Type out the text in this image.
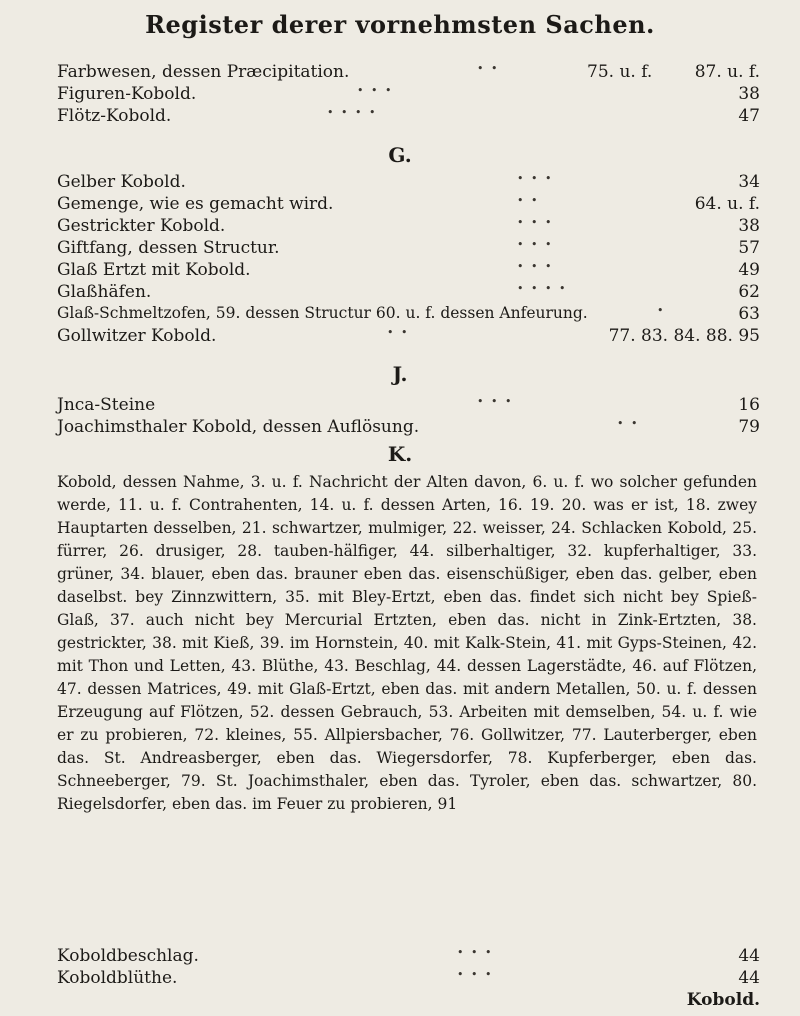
Register derer vornehmsten Sachen.
Farbwesen, dessen Præcipitation.	• •	75. u. f. 87. u. f.
Figuren-Kobold.	• • •	38
Flötz-Kobold.	• • • •	47
G.
Gelber Kobold.	• • •	34
Gemenge, wie es gemacht wird.	• •	64. u. f.
Gestrickter Kobold.	• • •	38
Giftfang, dessen Structur.	• • •	57
Glaß Ertzt mit Kobold.	• • •	49
Glaßhäfen.	• • • •	62
Glaß-Schmeltzofen, 59. dessen Structur 60. u. f. dessen Anfeurung.	•	63
Gollwitzer Kobold.	• •	77. 83. 84. 88. 95
J.
Jnca-Steine	• • •	16
Joachimsthaler Kobold, dessen Auflösung.	• •	79
K.
Kobold, dessen Nahme, 3. u. f. Nachricht der Alten davon, 6. u. f. wo solcher gefunden werde, 11. u. f. Contrahenten, 14. u. f. dessen Arten, 16. 19. 20. was er ist, 18. zwey Hauptarten desselben, 21. schwartzer, mulmiger, 22. weisser, 24. Schlacken Kobold, 25. fürrer, 26. drusiger, 28. tauben-hälfiger, 44. silberhaltiger, 32. kupferhaltiger, 33. grüner, 34. blauer, eben das. brauner eben das. eisenschüßiger, eben das. gelber, eben daselbst. bey Zinnzwittern, 35. mit Bley-Ertzt, eben das. findet sich nicht bey Spieß-Glaß, 37. auch nicht bey Mercurial Ertzten, eben das. nicht in Zink-Ertzten, 38. gestrickter, 38. mit Kieß, 39. im Hornstein, 40. mit Kalk-Stein, 41. mit Gyps-Steinen, 42. mit Thon und Letten, 43. Blüthe, 43. Beschlag, 44. dessen Lagerstädte, 46. auf Flötzen, 47. dessen Matrices, 49. mit Glaß-Ertzt, eben das. mit andern Metallen, 50. u. f. dessen Erzeugung auf Flötzen, 52. dessen Gebrauch, 53. Arbeiten mit demselben, 54. u. f. wie er zu probieren, 72. kleines, 55. Allpiersbacher, 76. Gollwitzer, 77. Lauterberger, eben das. St. Andreasberger, eben das. Wiegersdorfer, 78. Kupferberger, eben das. Schneeberger, 79. St. Joachimsthaler, eben das. Tyroler, eben das. schwartzer, 80. Riegelsdorfer, eben das. im Feuer zu probieren, 91
Koboldbeschlag.	• • •	44
Koboldblüthe.	• • •	44
Kobold.
